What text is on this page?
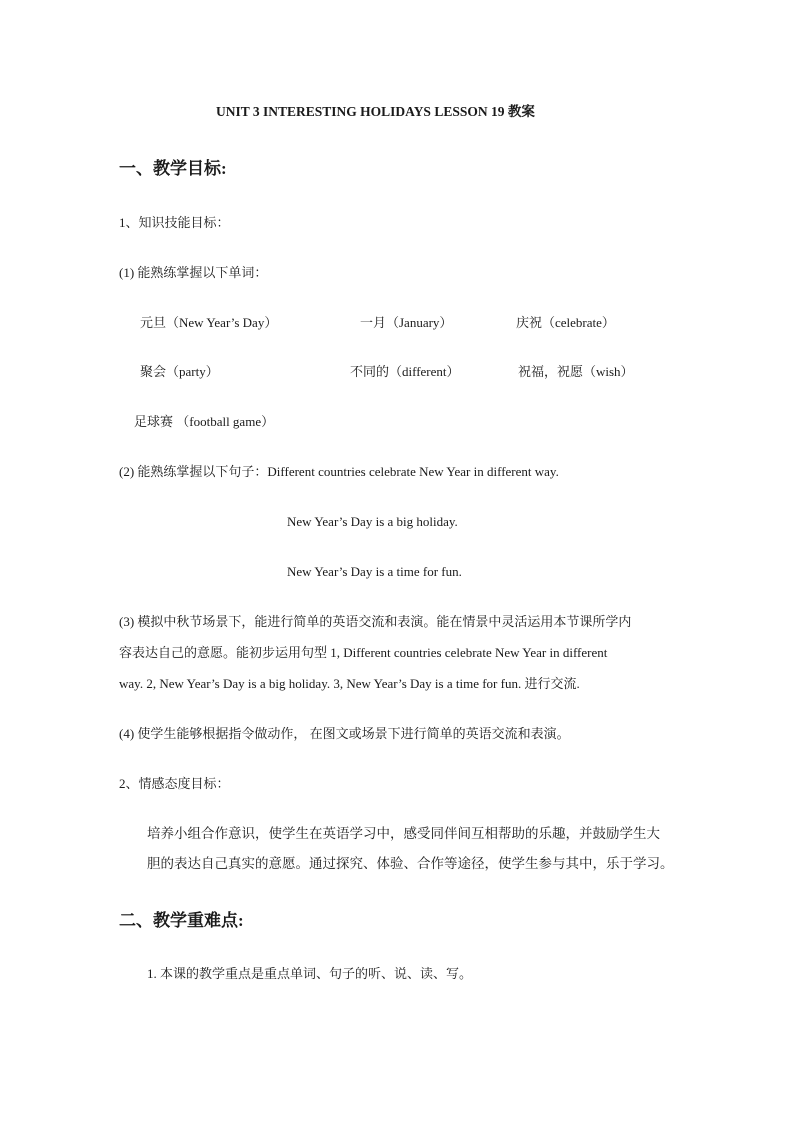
UNIT 3 INTERESTING HOLIDAYS LESSON 19 教案
一、教学目标:
1、知识技能目标：
(1) 能熟练掌握以下单词：
元旦（New Year’s Day）	一月（January）	庆祝（celebrate）
聚会（party）	不同的（different）	祝福，祝愿（wish）
足球赛 （football game）
(2) 能熟练掌握以下句子：Different countries celebrate New Year in different way.
New Year’s Day is a big holiday.
New Year’s Day is a time for fun.
(3) 模拟中秋节场景下，能进行简单的英语交流和表演。能在情景中灵活运用本节课所学内
容表达自己的意愿。能初步运用句型 1, Different countries celebrate New Year in different
way. 2, New Year’s Day is a big holiday. 3, New Year’s Day is a time for fun. 进行交流.
(4) 使学生能够根据指令做动作， 在图文或场景下进行简单的英语交流和表演。
2、情感态度目标：
培养小组合作意识，使学生在英语学习中，感受同伴间互相帮助的乐趣，并鼓励学生大
胆的表达自己真实的意愿。通过探究、体验、合作等途径，使学生参与其中，乐于学习。
二、教学重难点:
1. 本课的教学重点是重点单词、句子的听、说、读、写。
